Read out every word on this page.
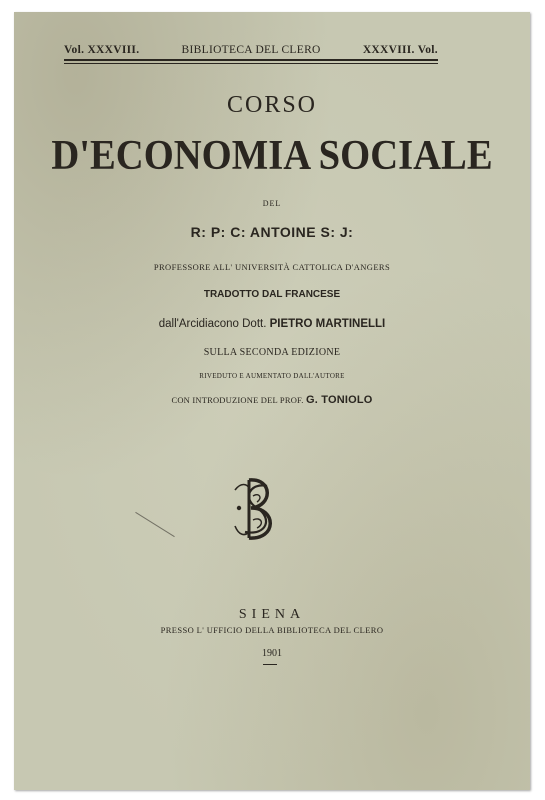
Vol. XXXVIII.	BIBLIOTECA DEL CLERO	XXXVIII. Vol.
CORSO
D'ECONOMIA SOCIALE
DEL
R: P: C: ANTOINE S: J:
PROFESSORE ALL' UNIVERSITÀ CATTOLICA D'ANGERS
TRADOTTO DAL FRANCESE
dall'Arcidiacono Dott. PIETRO MARTINELLI
SULLA SECONDA EDIZIONE
RIVEDUTO E AUMENTATO DALL'AUTORE
CON INTRODUZIONE DEL PROF. G. TONIOLO
SIENA
PRESSO L' UFFICIO DELLA BIBLIOTECA DEL CLERO
1901
